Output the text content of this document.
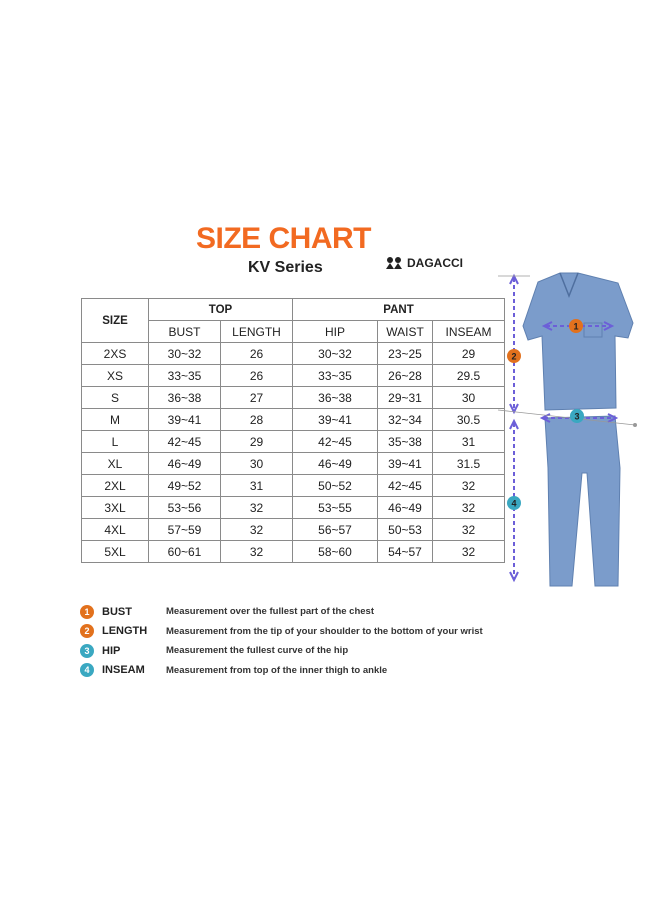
SIZE CHART
KV Series	DAGACCI
SIZE	TOP		PANT		
	BUST	LENGTH	HIP	WAIST	INSEAM
2XS	30~32	26	30~32	23~25	29
XS	33~35	26	33~35	26~28	29.5
S	36~38	27	36~38	29~31	30
M	39~41	28	39~41	32~34	30.5
L	42~45	29	42~45	35~38	31
XL	46~49	30	46~49	39~41	31.5
2XL	49~52	31	50~52	42~45	32
3XL	53~56	32	53~55	46~49	32
4XL	57~59	32	56~57	50~53	32
5XL	60~61	32	58~60	54~57	32
1	BUST	Measurement over the fullest part of the chest
2	LENGTH	Measurement from the tip of your shoulder to the bottom of your wrist
3	HIP	Measurement the fullest curve of the hip
4	INSEAM	Measurement from top of the inner thigh to ankle
1
2
3
4
